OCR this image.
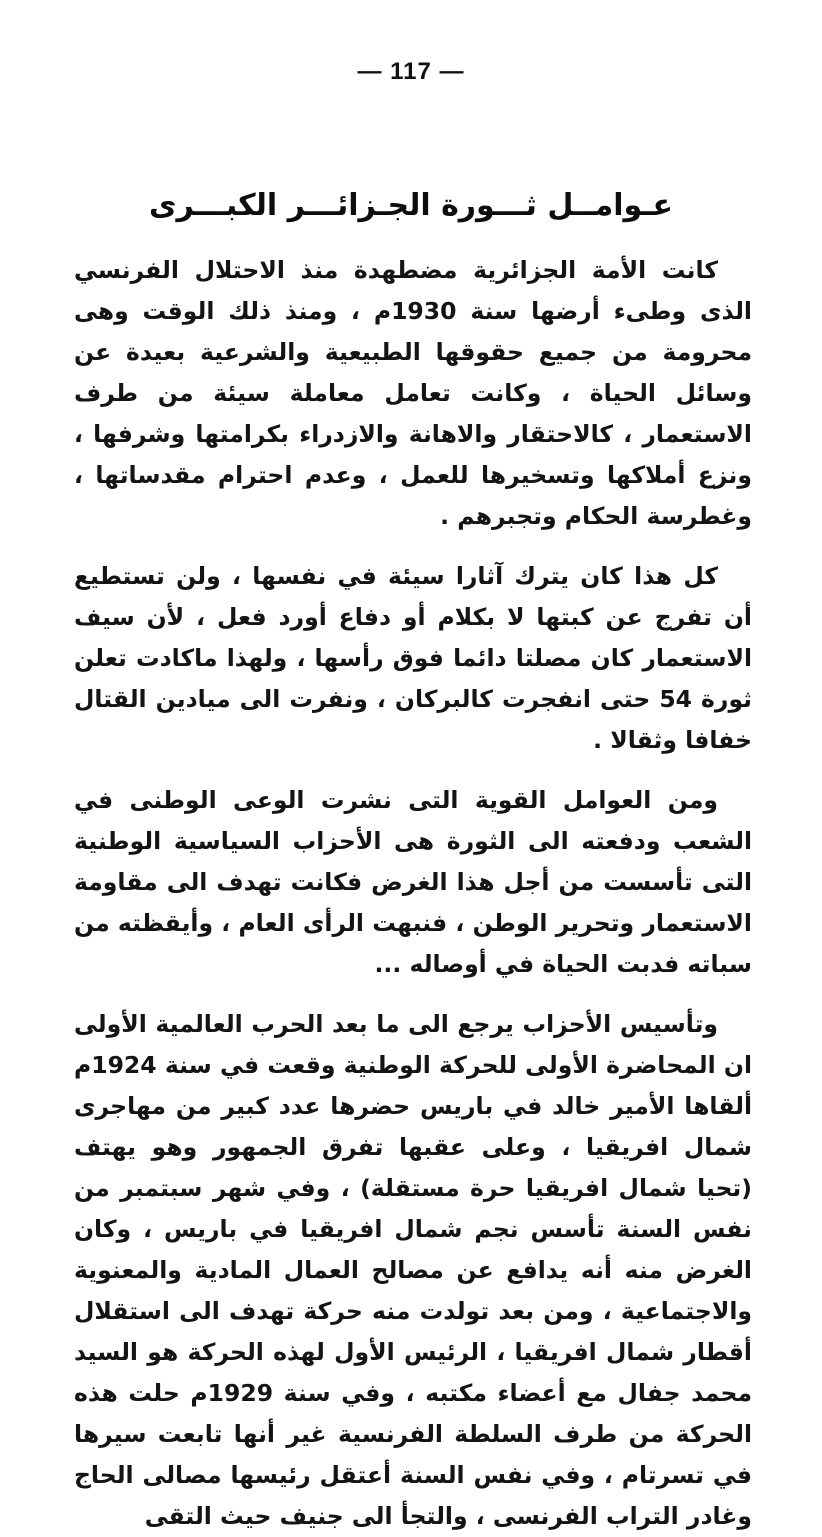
— 117 —
عـوامــل ثـــورة الجـزائـــر الكبـــرى

كانت الأمة الجزائرية مضطهدة منذ الاحتلال الفرنسي الذى وطىء أرضها سنة 1930م ، ومنذ ذلك الوقت وهى محرومة من جميع حقوقها الطبيعية والشرعية بعيدة عن وسائل الحياة ، وكانت تعامل معاملة سيئة من طرف الاستعمار ، كالاحتقار والاهانة والازدراء بكرامتها وشرفها ، ونزع أملاكها وتسخيرها للعمل ، وعدم احترام مقدساتها ، وغطرسة الحكام وتجبرهم .

كل هذا كان يترك آثارا سيئة في نفسها ، ولن تستطيع أن تفرج عن كبتها لا بكلام أو دفاع أورد فعل ، لأن سيف الاستعمار كان مصلتا دائما فوق رأسها ، ولهذا ماكادت تعلن ثورة 54 حتى انفجرت كالبركان ، ونفرت الى ميادين القتال خفافا وثقالا .

ومن العوامل القوية التى نشرت الوعى الوطنى في الشعب ودفعته الى الثورة هى الأحزاب السياسية الوطنية التى تأسست من أجل هذا الغرض فكانت تهدف الى مقاومة الاستعمار وتحرير الوطن ، فنبهت الرأى العام ، وأيقظته من سباته فدبت الحياة في أوصاله ...

وتأسيس الأحزاب يرجع الى ما بعد الحرب العالمية الأولى ان المحاضرة الأولى للحركة الوطنية وقعت في سنة 1924م ألقاها الأمير خالد في باريس حضرها عدد كبير من مهاجرى شمال افريقيا ، وعلى عقبها تفرق الجمهور وهو يهتف (تحيا شمال افريقيا حرة مستقلة) ، وفي شهر سبتمبر من نفس السنة تأسس نجم شمال افريقيا في باريس ، وكان الغرض منه أنه يدافع عن مصالح العمال المادية والمعنوية والاجتماعية ، ومن بعد تولدت منه حركة تهدف الى استقلال أقطار شمال افريقيا ، الرئيس الأول لهذه الحركة هو السيد محمد جفال مع أعضاء مكتبه ، وفي سنة 1929م حلت هذه الحركة من طرف السلطة الفرنسية غير أنها تابعت سيرها في تسرتام ، وفي نفس السنة أعتقل رئيسها مصالى الحاج وغادر التراب الفرنسى ، والتجأ الى جنيف حيث التقى
